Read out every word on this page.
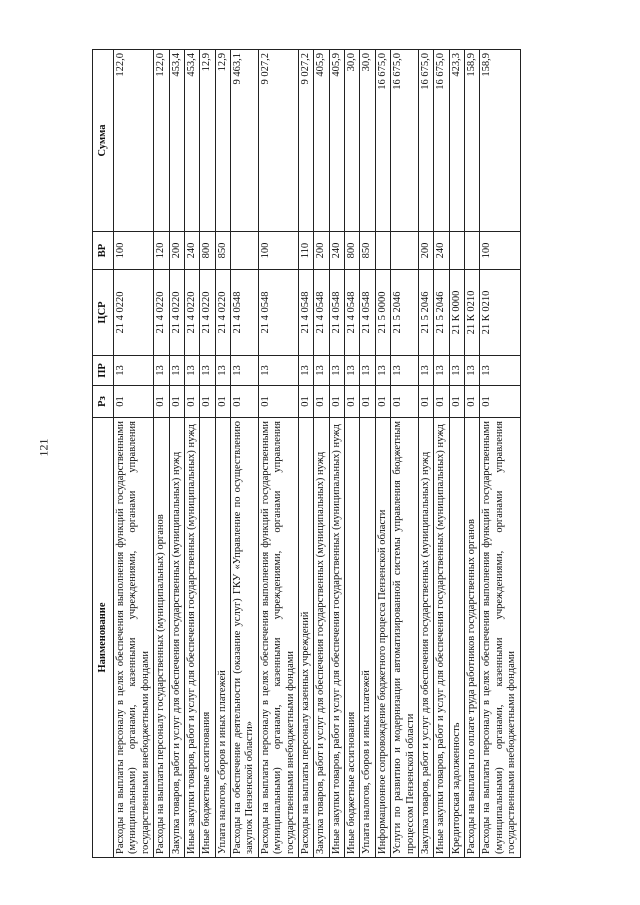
121
Наименование	Рз	ПР	ЦСР	ВР	Сумма
Расходы на выплаты персоналу в целях обеспечения выполнения функций государственными (муниципальными) органами, казенными учреждениями, органами управления государственными внебюджетными фондами	01	13	21 4 0220	100	122,0
Расходы на выплаты персоналу государственных (муниципальных) органов	01	13	21 4 0220	120	122,0
Закупка товаров, работ и услуг для обеспечения государственных (муниципальных) нужд	01	13	21 4 0220	200	453,4
Иные закупки товаров, работ и услуг для обеспечения государственных (муниципальных) нужд	01	13	21 4 0220	240	453,4
Иные бюджетные ассигнования	01	13	21 4 0220	800	12,9
Уплата налогов, сборов и иных платежей	01	13	21 4 0220	850	12,9
Расходы на обеспечение деятельности (оказание услуг) ГКУ «Управление по осуществлению закупок Пензенской области»	01	13	21 4 0548		9 463,1
Расходы на выплаты персоналу в целях обеспечения выполнения функций государственными (муниципальными) органами, казенными учреждениями, органами управления государственными внебюджетными фондами	01	13	21 4 0548	100	9 027,2
Расходы на выплаты персоналу казенных учреждений	01	13	21 4 0548	110	9 027,2
Закупка товаров, работ и услуг для обеспечения государственных (муниципальных) нужд	01	13	21 4 0548	200	405,9
Иные закупки товаров, работ и услуг для обеспечения государственных (муниципальных) нужд	01	13	21 4 0548	240	405,9
Иные бюджетные ассигнования	01	13	21 4 0548	800	30,0
Уплата налогов, сборов и иных платежей	01	13	21 4 0548	850	30,0
Информационное сопровождение бюджетного процесса Пензенской области	01	13	21 5 0000		16 675,0
Услуги по развитию и модернизации автоматизированной системы управления бюджетным процессом Пензенской области	01	13	21 5 2046		16 675,0
Закупка товаров, работ и услуг для обеспечения государственных (муниципальных) нужд	01	13	21 5 2046	200	16 675,0
Иные закупки товаров, работ и услуг для обеспечения государственных (муниципальных) нужд	01	13	21 5 2046	240	16 675,0
Кредиторская задолженность	01	13	21 К 0000		423,3
Расходы на выплаты по оплате труда работников государственных органов	01	13	21 К 0210		158,9
Расходы на выплаты персоналу в целях обеспечения выполнения функций государственными (муниципальными) органами, казенными учреждениями, органами управления государственными внебюджетными фондами	01	13	21 К 0210	100	158,9
